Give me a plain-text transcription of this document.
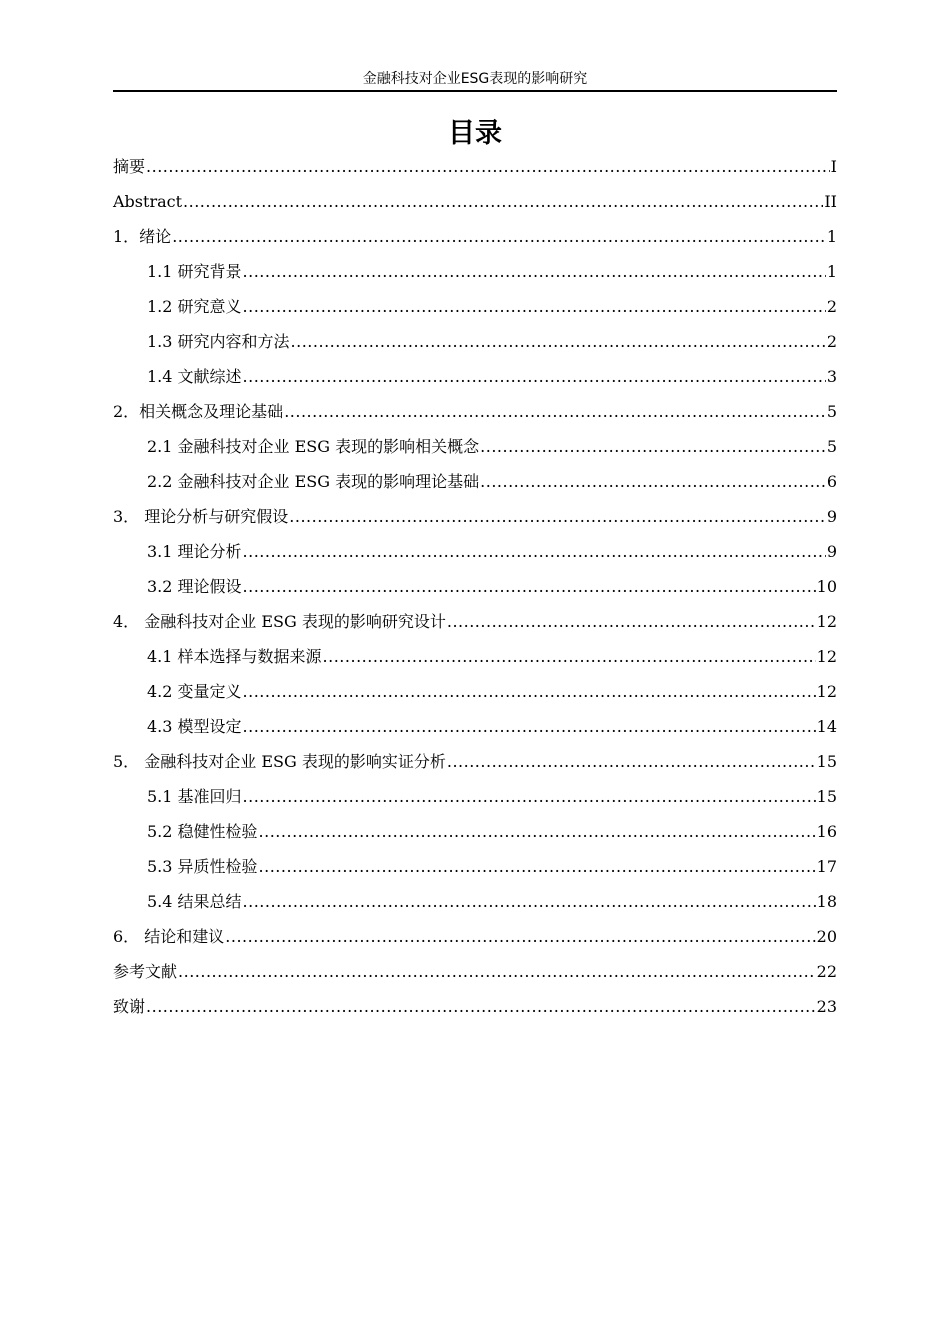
金融科技对企业ESG表现的影响研究
目录
摘要 .....	I
Abstract .....	II
1．绪论 .....	1
1.1 研究背景 .....	1
1.2 研究意义 .....	2
1.3 研究内容和方法 .....	2
1.4 文献综述 .....	3
2．相关概念及理论基础 .....	5
2.1 金融科技对企业 ESG 表现的影响相关概念 .....	5
2.2 金融科技对企业 ESG 表现的影响理论基础 .....	6
3． 理论分析与研究假设 .....	9
3.1 理论分析 .....	9
3.2 理论假设 .....	10
4． 金融科技对企业 ESG 表现的影响研究设计 .....	12
4.1 样本选择与数据来源 .....	12
4.2 变量定义 .....	12
4.3 模型设定 .....	14
5． 金融科技对企业 ESG 表现的影响实证分析 .....	15
5.1 基准回归 .....	15
5.2 稳健性检验 .....	16
5.3 异质性检验 .....	17
5.4 结果总结 .....	18
6． 结论和建议 .....	20
参考文献 .....	22
致谢 .....	23
